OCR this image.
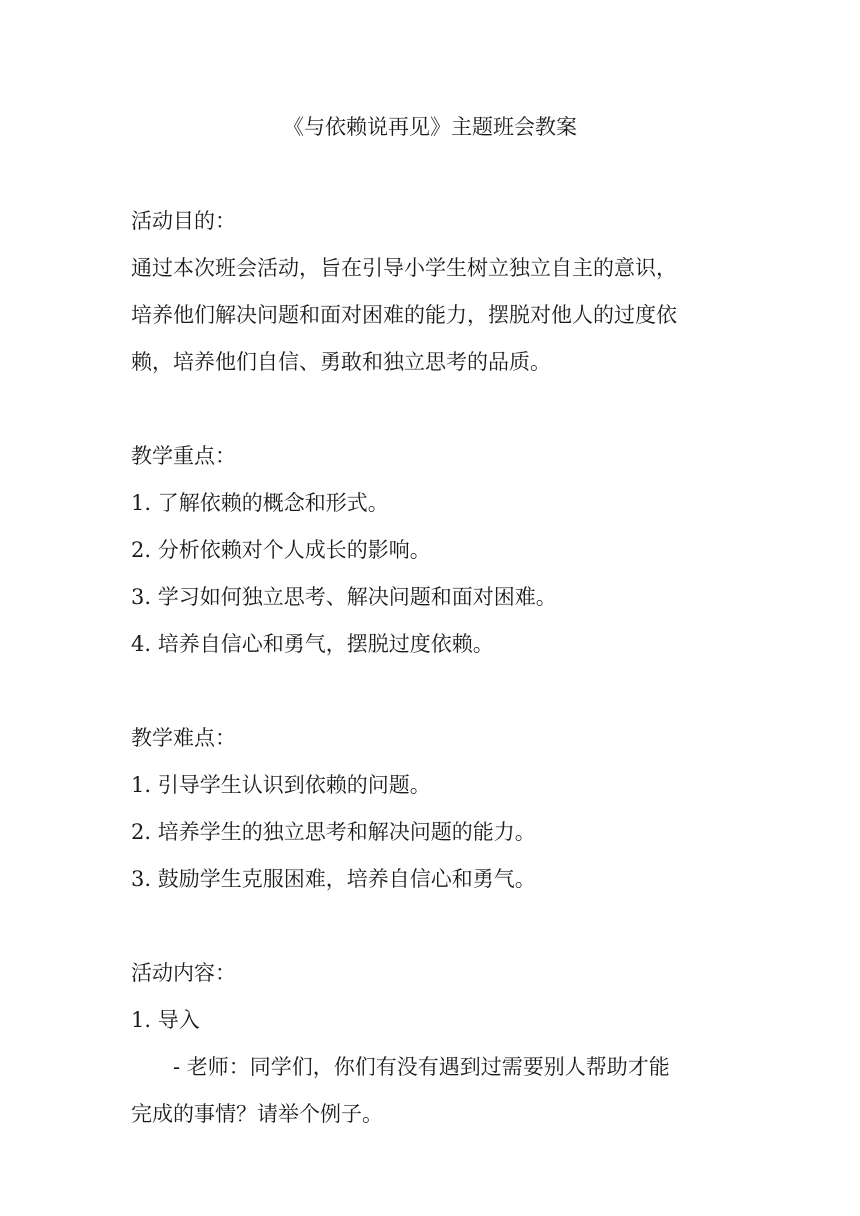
《与依赖说再见》主题班会教案

活动目的：

通过本次班会活动，旨在引导小学生树立独立自主的意识，

培养他们解决问题和面对困难的能力，摆脱对他人的过度依

赖，培养他们自信、勇敢和独立思考的品质。

教学重点：

1. 了解依赖的概念和形式。

2. 分析依赖对个人成长的影响。

3. 学习如何独立思考、解决问题和面对困难。

4. 培养自信心和勇气，摆脱过度依赖。

教学难点：

1. 引导学生认识到依赖的问题。

2. 培养学生的独立思考和解决问题的能力。

3. 鼓励学生克服困难，培养自信心和勇气。

活动内容：

1. 导入

- 老师：同学们，你们有没有遇到过需要别人帮助才能

完成的事情？请举个例子。
